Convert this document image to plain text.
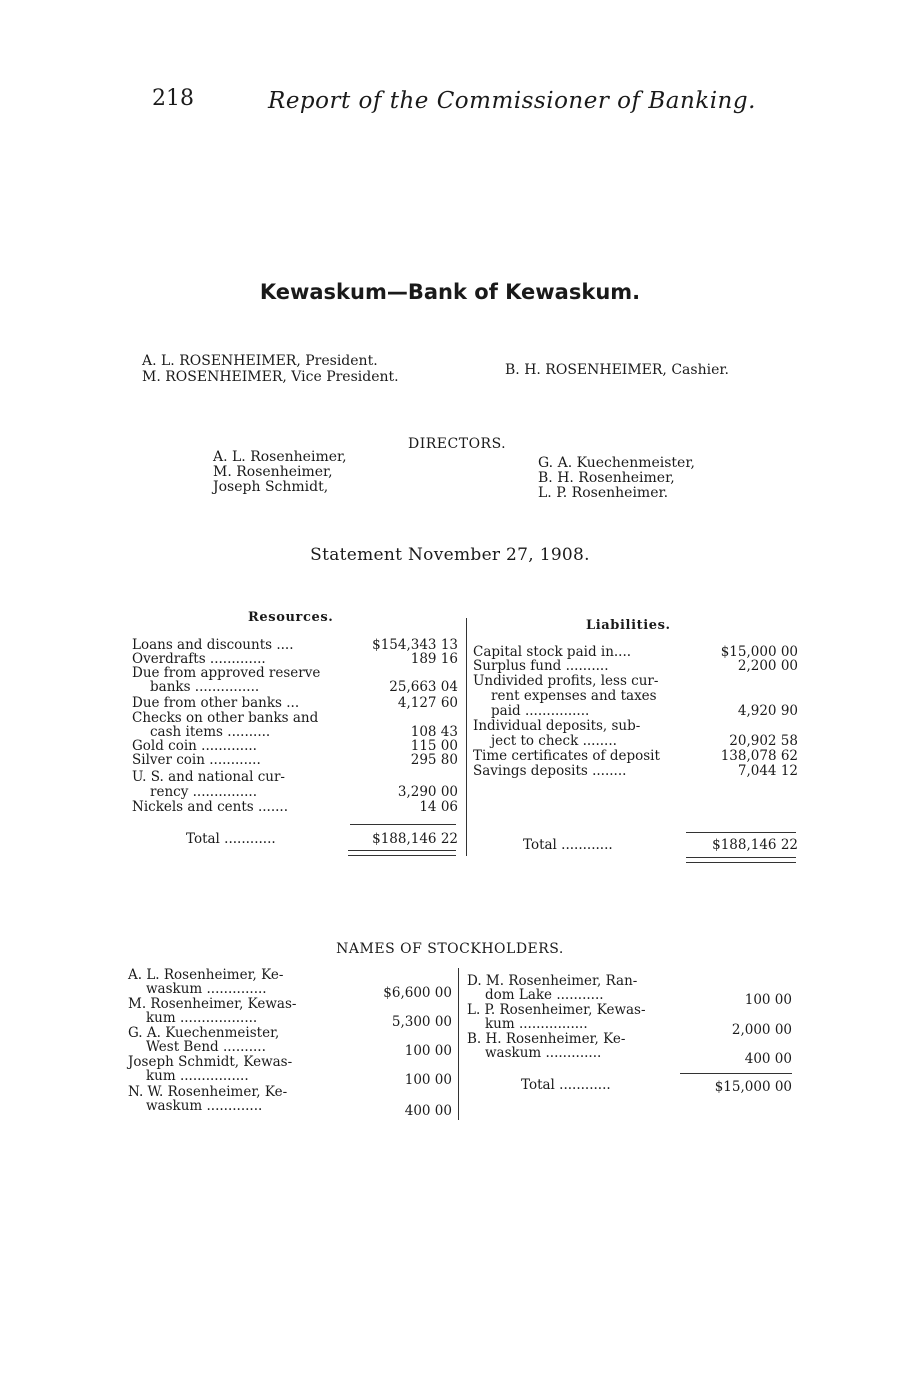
218	Report of the Commissioner of Banking.
Kewaskum—Bank of Kewaskum.
A. L. ROSENHEIMER, President.
M. ROSENHEIMER, Vice President.	B. H. ROSENHEIMER, Cashier.
DIRECTORS.
A. L. Rosenheimer,
M. Rosenheimer,
Joseph Schmidt,
G. A. Kuechenmeister,
B. H. Rosenheimer,
L. P. Rosenheimer.
Statement November 27, 1908.
Resources.
Liabilities.
Loans and discounts ....	$154,343 13
Overdrafts .............	189 16
Due from approved reserve
banks ...............	25,663 04
Due from other banks ...	4,127 60
Checks on other banks and
cash items ..........	108 43
Gold coin .............	115 00
Silver coin ............	295 80
U. S. and national cur-
rency ...............	3,290 00
Nickels and cents .......	14 06
Total ............	$188,146 22
Capital stock paid in....	$15,000 00
Surplus fund ..........	2,200 00
Undivided profits, less cur-
rent expenses and taxes
paid ...............	4,920 90
Individual deposits, sub-
ject to check ........	20,902 58
Time certificates of deposit	138,078 62
Savings deposits ........	7,044 12
Total ............	$188,146 22
NAMES OF STOCKHOLDERS.
A. L. Rosenheimer, Ke-
waskum ..............	$6,600 00
M. Rosenheimer, Kewas-
kum ..................	5,300 00
G. A. Kuechenmeister,
West Bend ..........	100 00
Joseph Schmidt, Kewas-
kum ................	100 00
N. W. Rosenheimer, Ke-
waskum .............	400 00
D. M. Rosenheimer, Ran-
dom Lake ...........	100 00
L. P. Rosenheimer, Kewas-
kum ................	2,000 00
B. H. Rosenheimer, Ke-
waskum .............	400 00
Total ............	$15,000 00
